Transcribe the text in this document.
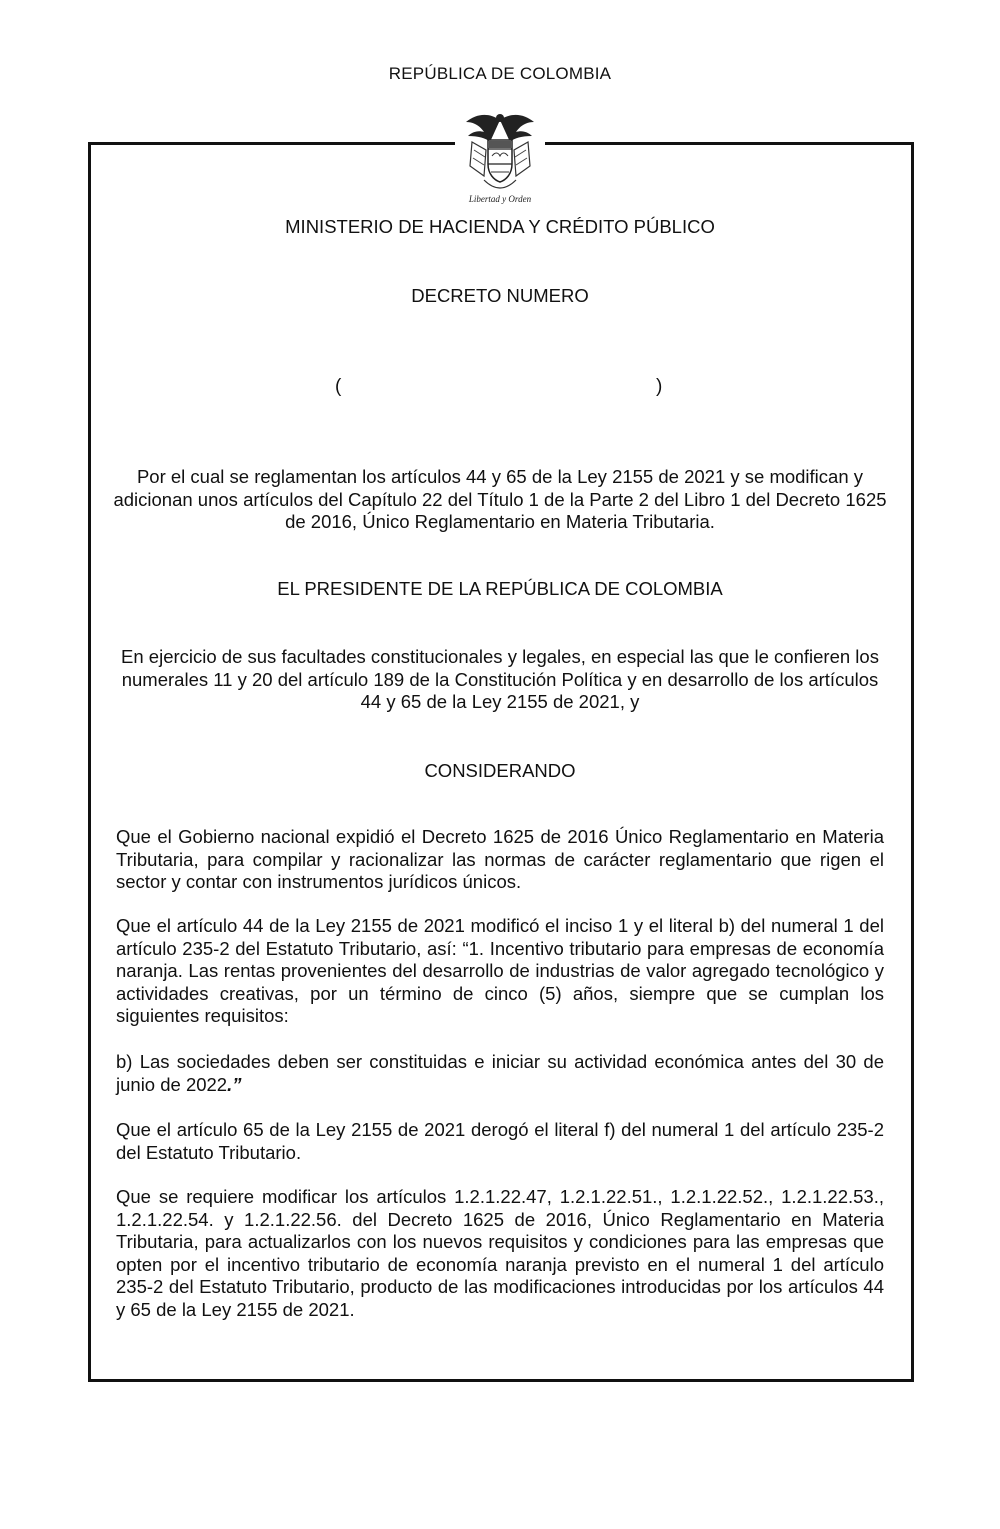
REPÚBLICA DE COLOMBIA
Libertad y Orden
MINISTERIO DE HACIENDA Y CRÉDITO PÚBLICO
DECRETO NUMERO
(	)
Por el cual se reglamentan los artículos 44 y 65 de la Ley 2155 de 2021 y se modifican y adicionan unos artículos del Capítulo 22 del Título 1 de la Parte 2 del Libro 1 del Decreto 1625 de 2016, Único Reglamentario en Materia Tributaria.
EL PRESIDENTE DE LA REPÚBLICA DE COLOMBIA
En ejercicio de sus facultades constitucionales y legales, en especial las que le confieren los numerales 11 y 20 del artículo 189 de la Constitución Política y en desarrollo de los artículos 44 y 65 de la Ley 2155 de 2021, y
CONSIDERANDO

Que el Gobierno nacional expidió el Decreto 1625 de 2016 Único Reglamentario en Materia Tributaria, para compilar y racionalizar las normas de carácter reglamentario que rigen el sector y contar con instrumentos jurídicos únicos.

Que el artículo 44 de la Ley 2155 de 2021 modificó el inciso 1 y el literal b) del numeral 1 del artículo 235-2 del Estatuto Tributario, así: “1. Incentivo tributario para empresas de economía naranja. Las rentas provenientes del desarrollo de industrias de valor agregado tecnológico y actividades creativas, por un término de cinco (5) años, siempre que se cumplan los siguientes requisitos:

b) Las sociedades deben ser constituidas e iniciar su actividad económica antes del 30 de junio de 2022.”

Que el artículo 65 de la Ley 2155 de 2021 derogó el literal f) del numeral 1 del artículo 235-2 del Estatuto Tributario.

Que se requiere modificar los artículos 1.2.1.22.47, 1.2.1.22.51., 1.2.1.22.52., 1.2.1.22.53., 1.2.1.22.54. y 1.2.1.22.56. del Decreto 1625 de 2016, Único Reglamentario en Materia Tributaria, para actualizarlos con los nuevos requisitos y condiciones para las empresas que opten por el incentivo tributario de economía naranja previsto en el numeral 1 del artículo 235-2 del Estatuto Tributario, producto de las modificaciones introducidas por los artículos 44 y 65 de la Ley 2155 de 2021.
